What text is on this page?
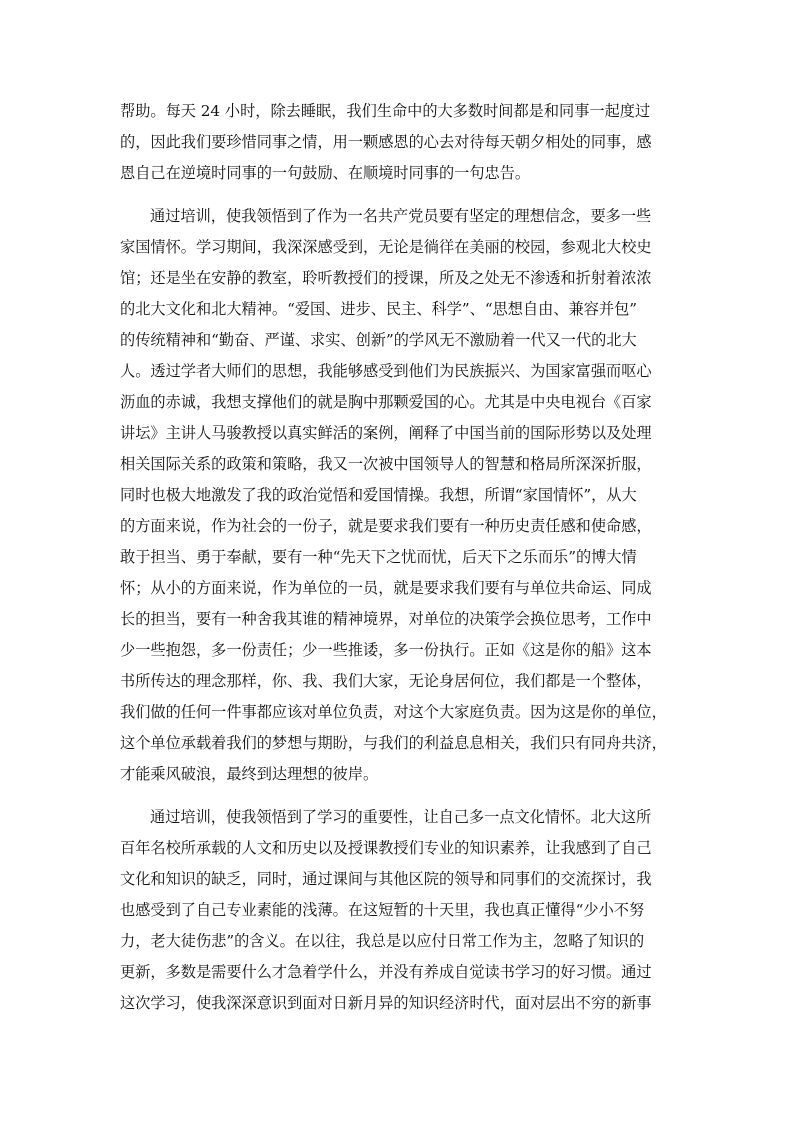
帮助。每天 24 小时，除去睡眠，我们生命中的大多数时间都是和同事一起度过
的，因此我们要珍惜同事之情，用一颗感恩的心去对待每天朝夕相处的同事，感
恩自己在逆境时同事的一句鼓励、在顺境时同事的一句忠告。
通过培训，使我领悟到了作为一名共产党员要有坚定的理想信念，要多一些
家国情怀。学习期间，我深深感受到，无论是徜徉在美丽的校园，参观北大校史
馆；还是坐在安静的教室，聆听教授们的授课，所及之处无不渗透和折射着浓浓
的北大文化和北大精神。“爱国、进步、民主、科学”、“思想自由、兼容并包”
的传统精神和“勤奋、严谨、求实、创新”的学风无不激励着一代又一代的北大
人。透过学者大师们的思想，我能够感受到他们为民族振兴、为国家富强而呕心
沥血的赤诚，我想支撑他们的就是胸中那颗爱国的心。尤其是中央电视台《百家
讲坛》主讲人马骏教授以真实鲜活的案例，阐释了中国当前的国际形势以及处理
相关国际关系的政策和策略，我又一次被中国领导人的智慧和格局所深深折服，
同时也极大地激发了我的政治觉悟和爱国情操。我想，所谓“家国情怀”，从大
的方面来说，作为社会的一份子，就是要求我们要有一种历史责任感和使命感，
敢于担当、勇于奉献，要有一种“先天下之忧而忧，后天下之乐而乐”的博大情
怀；从小的方面来说，作为单位的一员，就是要求我们要有与单位共命运、同成
长的担当，要有一种舍我其谁的精神境界，对单位的决策学会换位思考，工作中
少一些抱怨，多一份责任；少一些推诿，多一份执行。正如《这是你的船》这本
书所传达的理念那样，你、我、我们大家，无论身居何位，我们都是一个整体，
我们做的任何一件事都应该对单位负责，对这个大家庭负责。因为这是你的单位，
这个单位承载着我们的梦想与期盼，与我们的利益息息相关，我们只有同舟共济，
才能乘风破浪，最终到达理想的彼岸。
通过培训，使我领悟到了学习的重要性，让自己多一点文化情怀。北大这所
百年名校所承载的人文和历史以及授课教授们专业的知识素养，让我感到了自己
文化和知识的缺乏，同时，通过课间与其他区院的领导和同事们的交流探讨，我
也感受到了自己专业素能的浅薄。在这短暂的十天里，我也真正懂得“少小不努
力，老大徒伤悲”的含义。在以往，我总是以应付日常工作为主，忽略了知识的
更新，多数是需要什么才急着学什么，并没有养成自觉读书学习的好习惯。通过
这次学习，使我深深意识到面对日新月异的知识经济时代，面对层出不穷的新事
